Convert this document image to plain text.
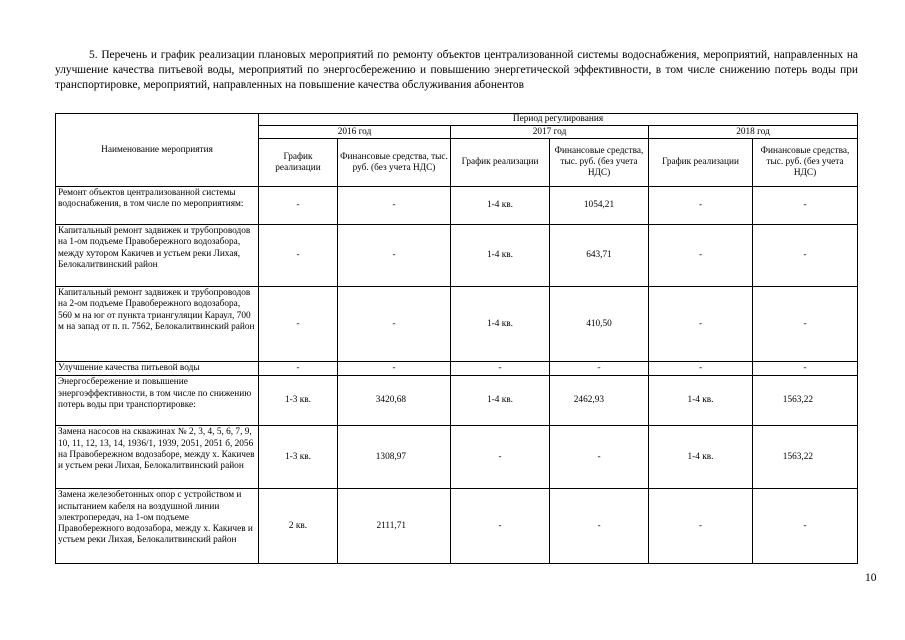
5. Перечень и график реализации плановых мероприятий по ремонту объектов централизованной системы водоснабжения, мероприятий, направленных на улучшение качества питьевой воды, мероприятий по энергосбережению и повышению энергетической эффективности, в том числе снижению потерь воды при транспортировке, мероприятий, направленных на повышение качества обслуживания абонентов

Наименование мероприятия	Период регулирования					
	2016 год		2017 год		2018 год	
	График реализации	Финансовые средства, тыс. руб. (без учета НДС)	График реализации	Финансовые средства, тыс. руб. (без учета НДС)	График реализации	Финансовые средства, тыс. руб. (без учета НДС)
Ремонт объектов централизованной системы водоснабжения, в том числе по мероприятиям:	-	-	1-4 кв.	1054,21	-	-
Капитальный ремонт задвижек и трубопроводов на 1-ом подъеме Правобережного водозабора, между хутором Какичев и устьем реки Лихая, Белокалитвинский район	-	-	1-4 кв.	643,71	-	-
Капитальный ремонт задвижек и трубопроводов на 2-ом подъеме Правобережного водозабора, 560 м на юг от пункта триангуляции Караул, 700 м на запад от п. п. 7562, Белокалитвинский район	-	-	1-4 кв.	410,50	-	-
Улучшение качества питьевой воды	-	-	-	-	-	-
Энергосбережение и повышение энергоэффективности, в том числе по снижению потерь воды при транспортировке:	1-3 кв.	3420,68	1-4 кв.	2462,93	1-4 кв.	1563,22
Замена насосов на скважинах № 2, 3, 4, 5, 6, 7, 9, 10, 11, 12, 13, 14, 1936/1, 1939, 2051, 2051 б, 2056 на Правобережном водозаборе, между х. Какичев и устьем реки Лихая, Белокалитвинский район	1-3 кв.	1308,97	-	-	1-4 кв.	1563,22
Замена железобетонных опор с устройством и испытанием кабеля на воздушной линии электропередач, на 1-ом подъеме Правобережного водозабора, между х. Какичев и устьем реки Лихая, Белокалитвинский район	2 кв.	2111,71	-	-	-	-
10
